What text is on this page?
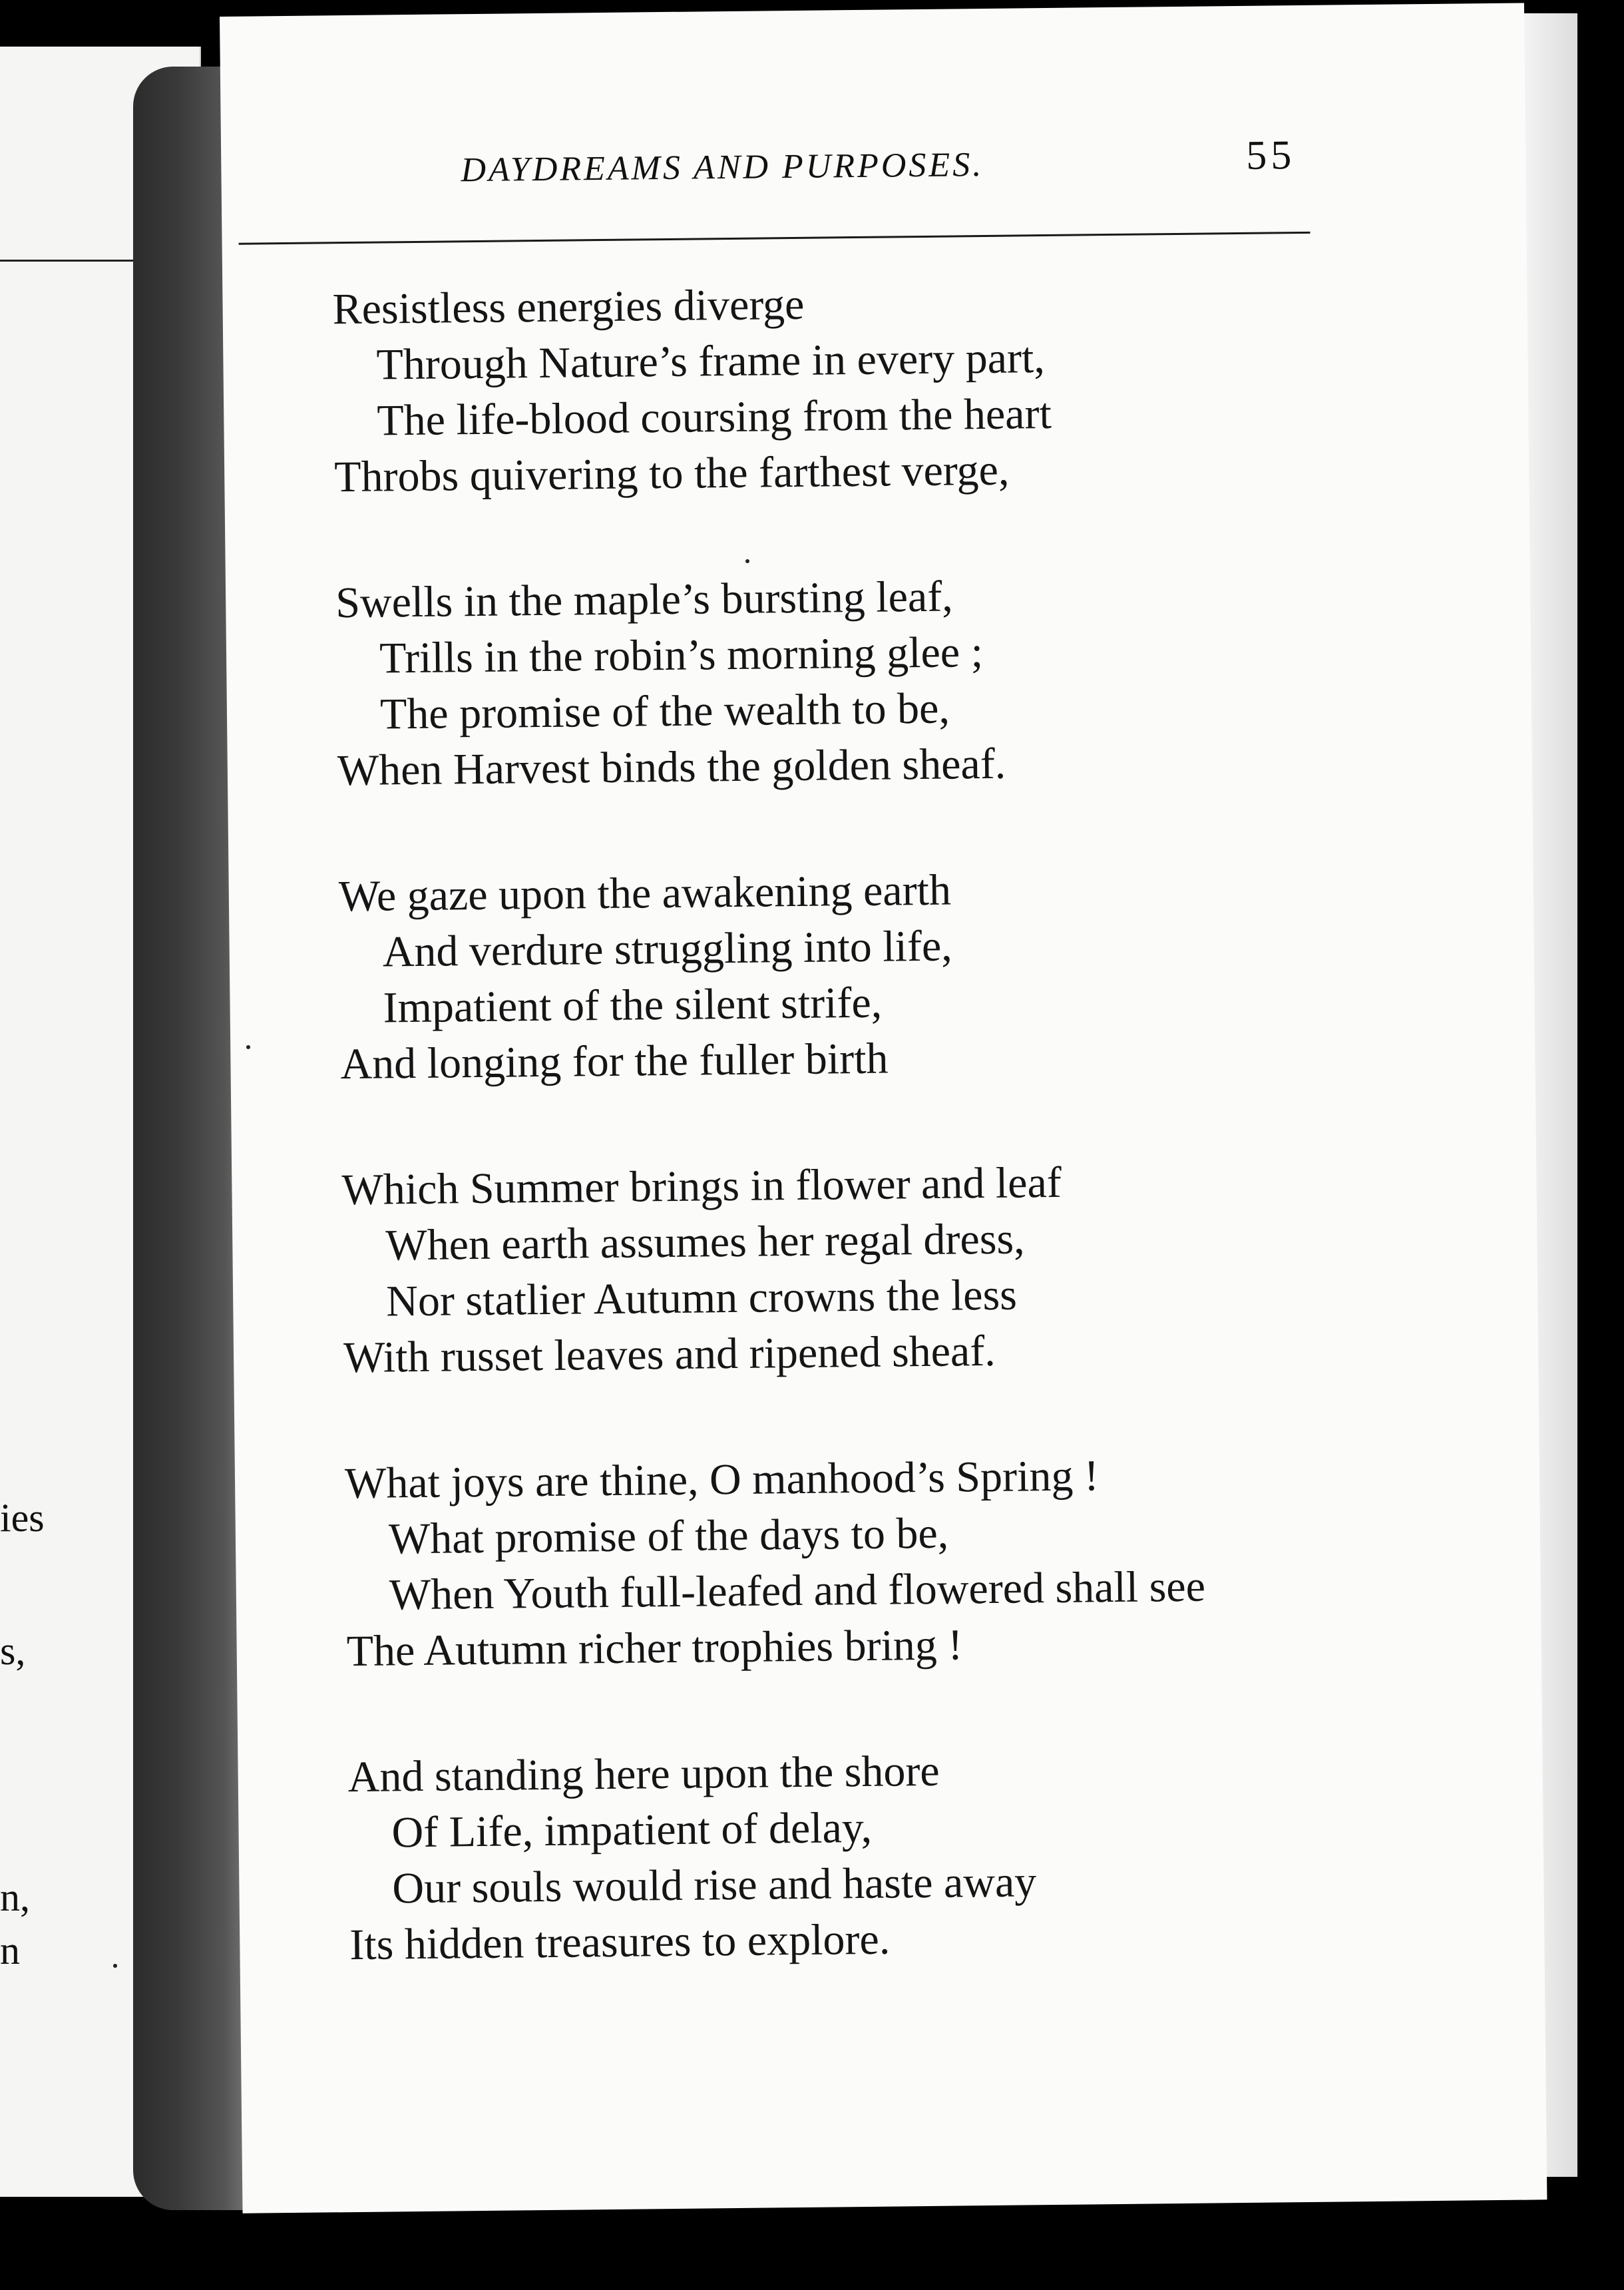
ies
s,
n,
n
DAYDREAMS AND PURPOSES.	55
Resistless energies diverge
Through Nature’s frame in every part,
The life-blood coursing from the heart
Throbs quivering to the farthest verge,
Swells in the maple’s bursting leaf,
Trills in the robin’s morning glee ;
The promise of the wealth to be,
When Harvest binds the golden sheaf.
We gaze upon the awakening earth
And verdure struggling into life,
Impatient of the silent strife,
And longing for the fuller birth
Which Summer brings in flower and leaf
When earth assumes her regal dress,
Nor statlier Autumn crowns the less
With russet leaves and ripened sheaf.
What joys are thine, O manhood’s Spring !
What promise of the days to be,
When Youth full-leafed and flowered shall see
The Autumn richer trophies bring !
And standing here upon the shore
Of Life, impatient of delay,
Our souls would rise and haste away
Its hidden treasures to explore.
